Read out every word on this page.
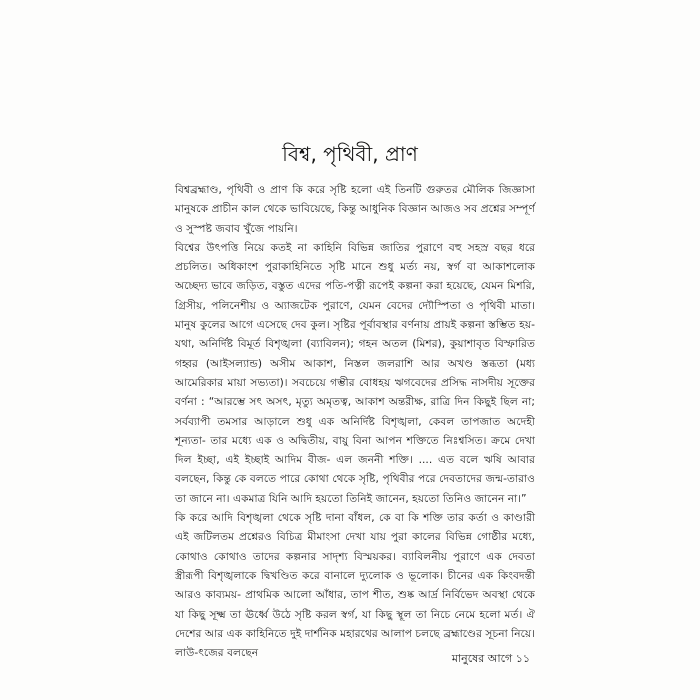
বিশ্ব, পৃথিবী, প্রাণ

বিশ্বব্রহ্মাণ্ড, পৃথিবী ও প্রাণ কি করে সৃষ্টি হলো এই তিনটি গুরুতর মৌলিক জিজ্ঞাসা মানুষকে প্রাচীন কাল থেকে ভাবিয়েছে, কিন্তু আধুনিক বিজ্ঞান আজও সব প্রশ্নের সম্পূর্ণ ও সুস্পষ্ট জবাব খুঁজে পায়নি।

বিশ্বের উৎপত্তি নিয়ে কতই না কাহিনি বিভিন্ন জাতির পুরাণে বহু সহস্র বছর ধরে প্রচলিত। অধিকাংশ পুরাকাহিনিতে সৃষ্টি মানে শুধু মর্ত্য নয়, স্বর্গ বা আকাশলোক অচ্ছেদ্য ভাবে জড়িত, বস্তুত এদের পতি-পত্নী রূপেই কল্পনা করা হয়েছে, যেমন মিশরি, গ্রিসীয়, পলিনেশীয় ও অ্যাজটেক পুরাণে, যেমন বেদের দ্যৌস্পিতা ও পৃথিবী মাতা। মানুষ কুলের আগে এসেছে দেব কুল। সৃষ্টির পূর্বাবস্থার বর্ণনায় প্রায়ই কল্পনা স্তম্ভিত হয়- যথা, অনির্দিষ্ট বিমূর্ত বিশৃঙ্খলা (ব্যাবিলন); গহন অতল (মিশর), কুয়াশাবৃত বিস্ফারিত গহ্বর (আইসল্যান্ড) অসীম আকাশ, নিস্তল জলরাশি আর অখণ্ড স্তব্ধতা (মধ্য আমেরিকার মায়া সভ্যতা)। সবচেয়ে গম্ভীর বোধহয় ঋগবেদের প্রসিদ্ধ নাসদীয় সূক্তের বর্ণনা : “আরম্ভে সৎ অসৎ, মৃত্যু অমৃতত্ব, আকাশ অন্তরীক্ষ, রাত্রি দিন কিছুই ছিল না; সর্বব্যাপী তমসার আড়ালে শুধু এক অনির্দিষ্ট বিশৃঙ্খলা, কেবল তাপজাত অদেহী শূন্যতা- তার মধ্যে এক ও অদ্বিতীয়, বায়ু বিনা আপন শক্তিতে নিঃশ্বসিত। ক্রমে দেখা দিল ইচ্ছা, এই ইচ্ছাই আদিম বীজ- এল জননী শক্তি। .... এত বলে ঋষি আবার বলছেন, কিন্তু কে বলতে পারে কোথা থেকে সৃষ্টি, পৃথিবীর পরে দেবতাদের জন্ম-তারাও তা জানে না। একমাত্র যিনি আদি হয়তো তিনিই জানেন, হয়তো তিনিও জানেন না।”

কি করে আদি বিশৃঙ্খলা থেকে সৃষ্টি দানা বাঁধল, কে বা কি শক্তি তার কর্তা ও কাণ্ডারী এই জটিলতম প্রশ্নেরও বিচিত্র মীমাংসা দেখা যায় পুরা কালের বিভিন্ন গোষ্ঠীর মধ্যে, কোথাও কোথাও তাদের কল্পনার সাদৃশ্য বিস্ময়কর। ব্যাবিলনীয় পুরাণে এক দেবতা স্ত্রীরূপী বিশৃঙ্খলাকে দ্বিখণ্ডিত করে বানালে দ্যুলোক ও ভূলোক। চীনের এক কিংবদন্তী আরও কাব্যময়- প্রাথমিক আলো আঁধার, তাপ শীত, শুষ্ক আর্দ্র নির্বিভেদ অবস্থা থেকে যা কিছু সূক্ষ্ম তা ঊর্ধ্বে উঠে সৃষ্টি করল স্বর্গ, যা কিছু স্থূল তা নিচে নেমে হলো মর্ত। ঐ দেশের আর এক কাহিনিতে দুই দার্শনিক মহারথের আলাপ চলছে ব্রহ্মাণ্ডের সূচনা নিয়ে। লাউ-ৎজের বলছেন	মানুষের আগে ১১
